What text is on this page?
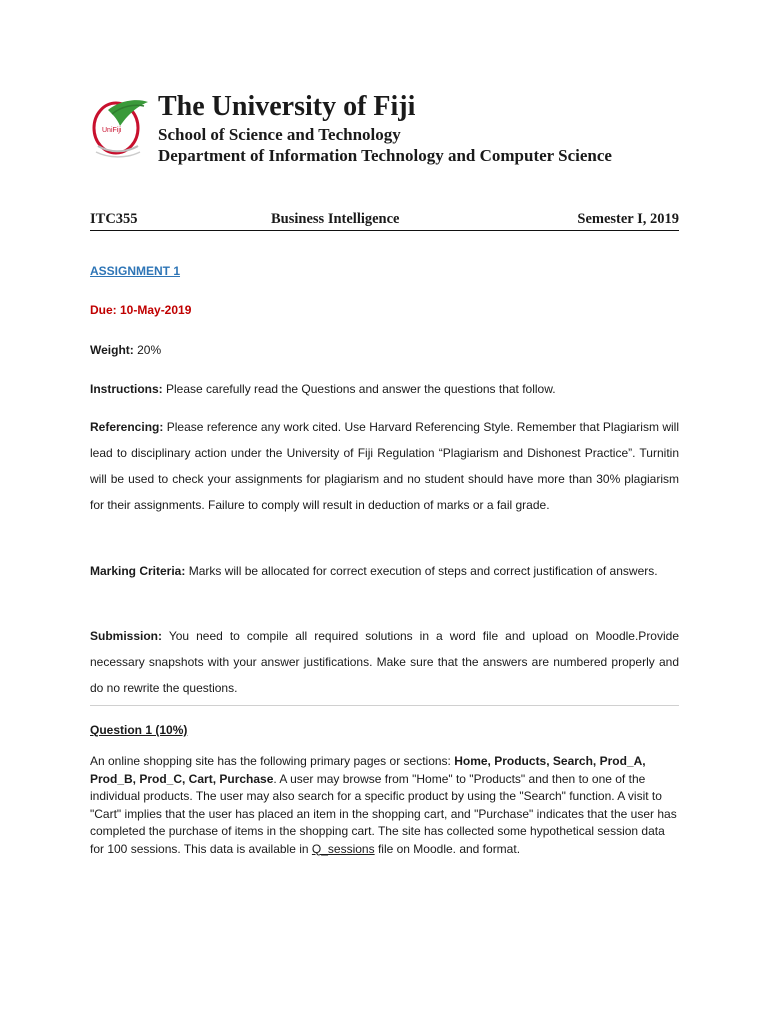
UniFiji
The University of Fiji
School of Science and Technology
Department of Information Technology and Computer Science
ITC355	Business Intelligence	Semester I, 2019
ASSIGNMENT 1
Due: 10-May-2019
Weight: 20%
Instructions: Please carefully read the Questions and answer the questions that follow.
Referencing: Please reference any work cited. Use Harvard Referencing Style. Remember that Plagiarism will lead to disciplinary action under the University of Fiji Regulation “Plagiarism and Dishonest Practice”. Turnitin will be used to check your assignments for plagiarism and no student should have more than 30% plagiarism for their assignments. Failure to comply will result in deduction of marks or a fail grade.
Marking Criteria: Marks will be allocated for correct execution of steps and correct justification of answers.
Submission: You need to compile all required solutions in a word file and upload on Moodle.Provide necessary snapshots with your answer justifications. Make sure that the answers are numbered properly and do no rewrite the questions.
Question 1 (10%)
An online shopping site has the following primary pages or sections: Home, Products, Search, Prod_A, Prod_B, Prod_C, Cart, Purchase. A user may browse from "Home" to "Products" and then to one of the individual products. The user may also search for a specific product by using the "Search" function. A visit to "Cart" implies that the user has placed an item in the shopping cart, and "Purchase" indicates that the user has completed the purchase of items in the shopping cart. The site has collected some hypothetical session data for 100 sessions. This data is available in Q_sessions file on Moodle. and format.
